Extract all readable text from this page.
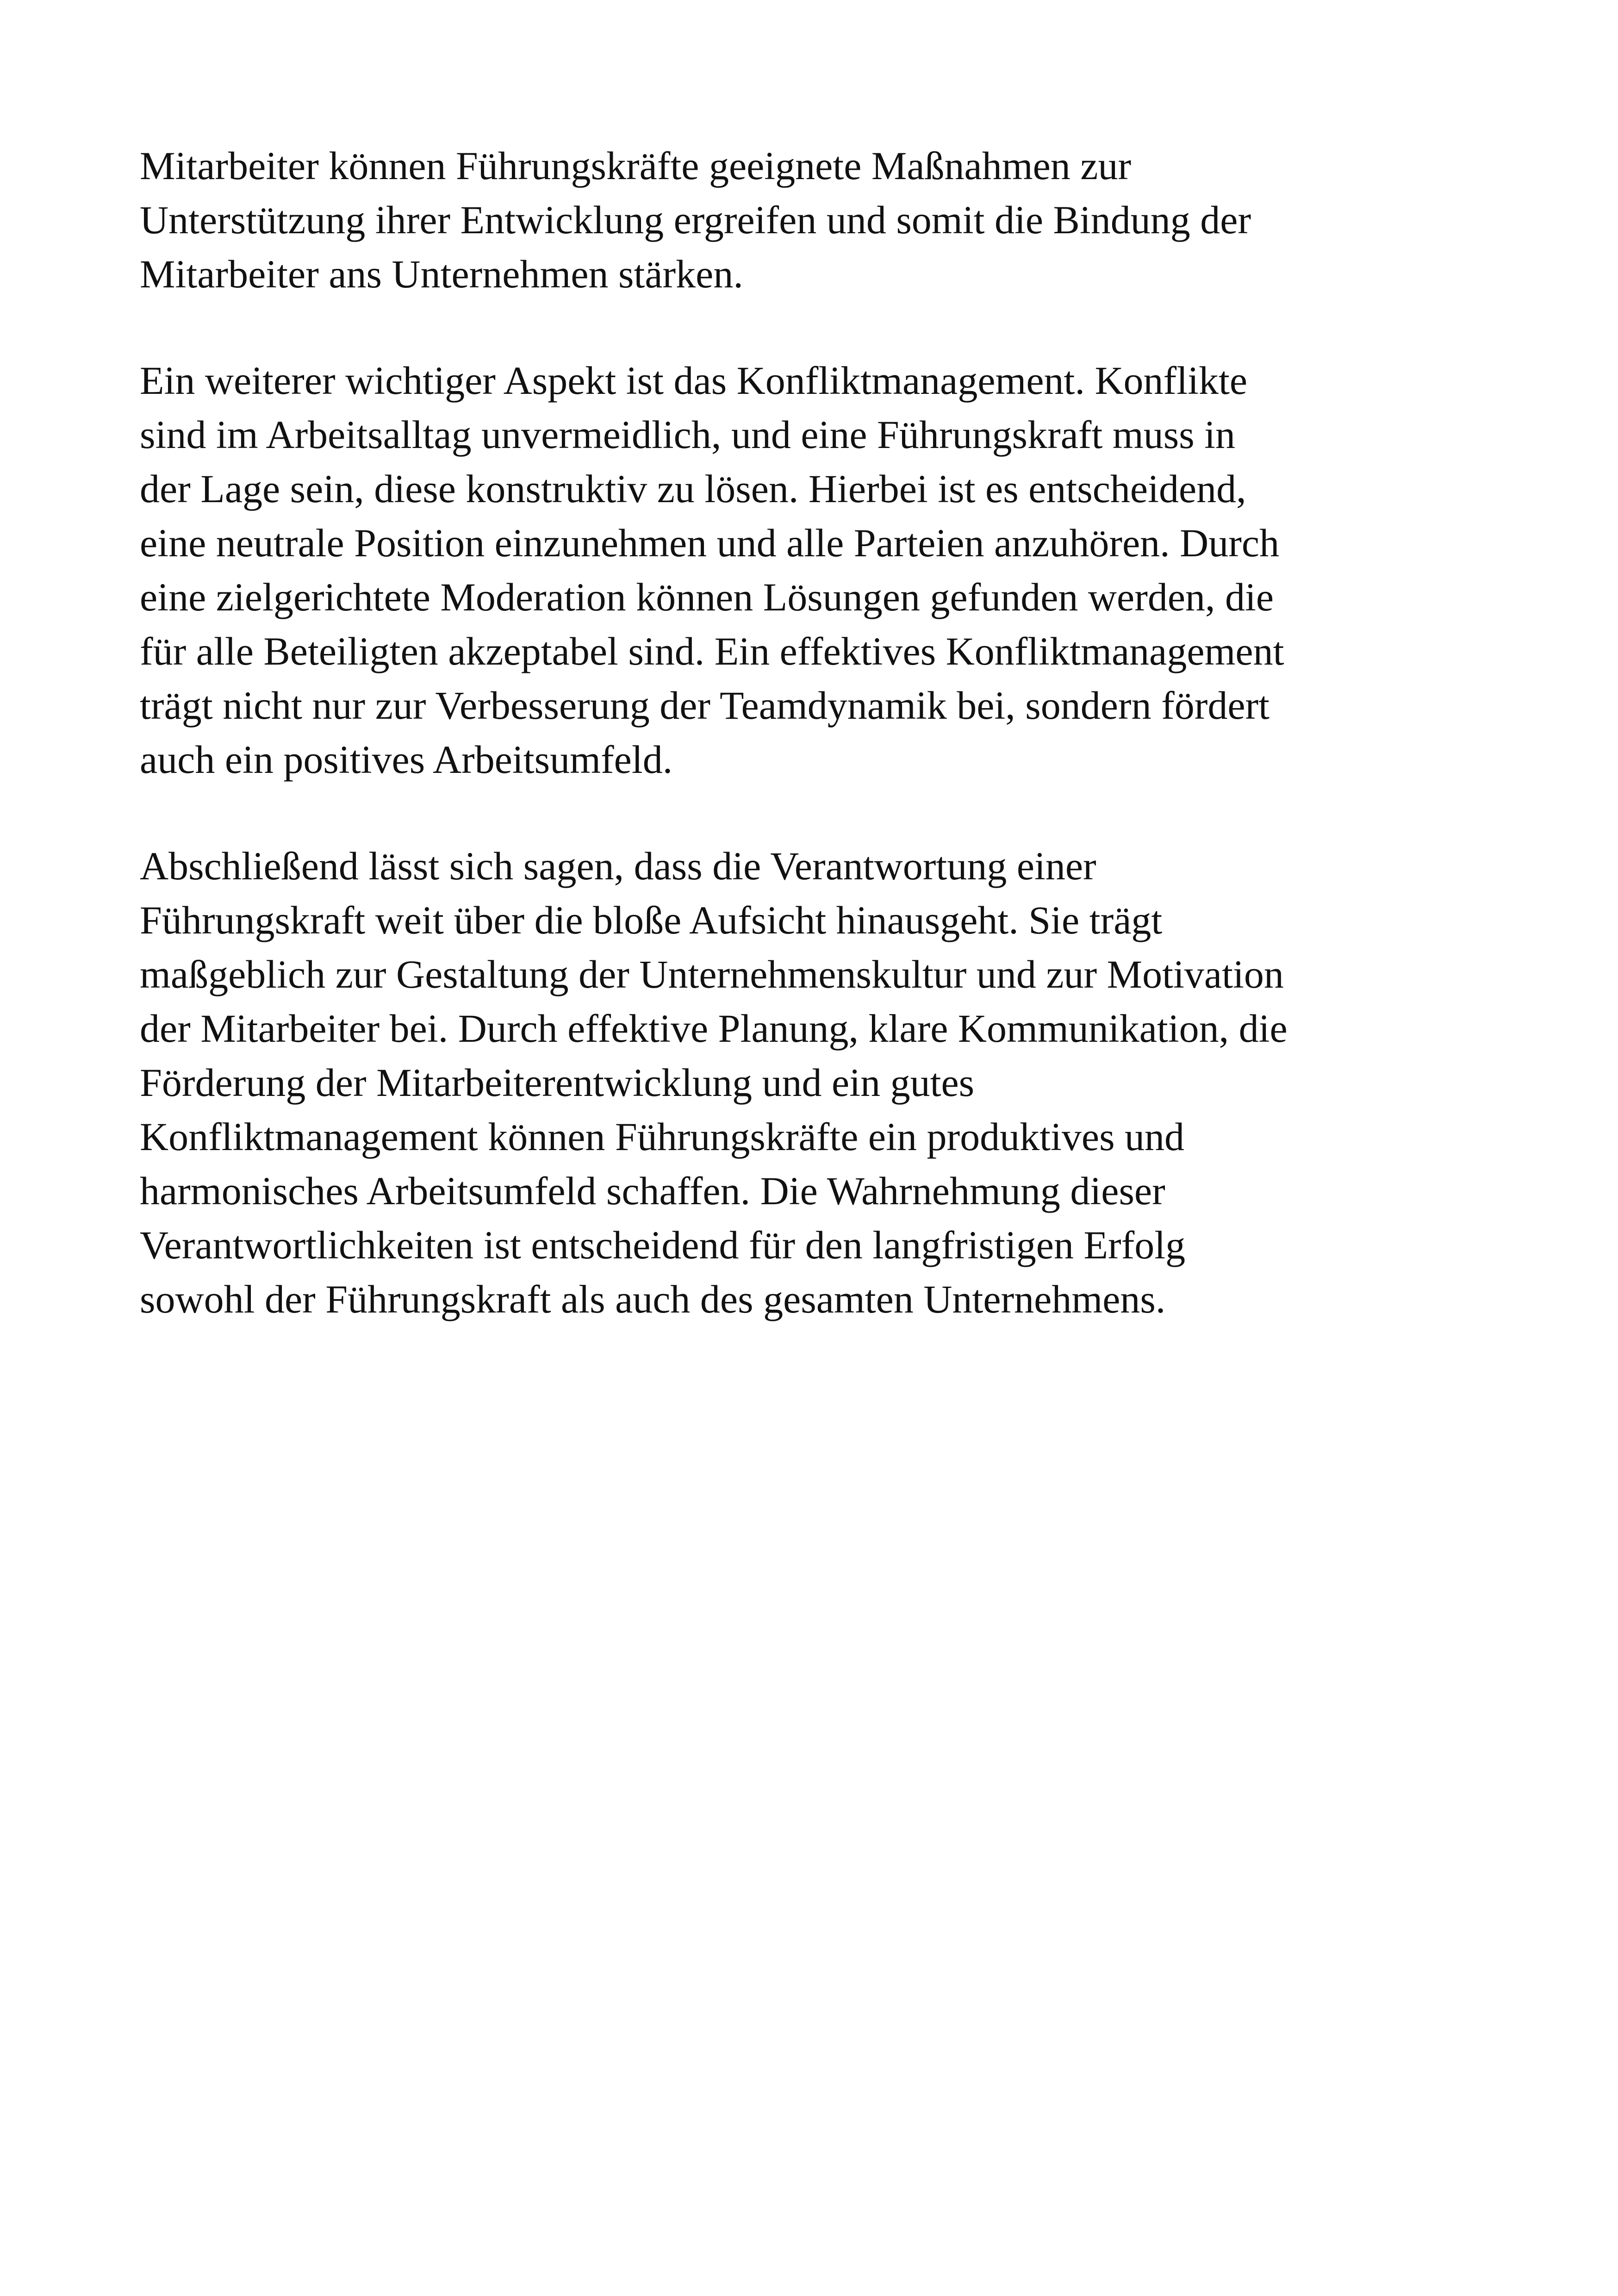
Mitarbeiter können Führungskräfte geeignete Maßnahmen zur
Unterstützung ihrer Entwicklung ergreifen und somit die Bindung der
Mitarbeiter ans Unternehmen stärken.

Ein weiterer wichtiger Aspekt ist das Konfliktmanagement. Konflikte
sind im Arbeitsalltag unvermeidlich, und eine Führungskraft muss in
der Lage sein, diese konstruktiv zu lösen. Hierbei ist es entscheidend,
eine neutrale Position einzunehmen und alle Parteien anzuhören. Durch
eine zielgerichtete Moderation können Lösungen gefunden werden, die
für alle Beteiligten akzeptabel sind. Ein effektives Konfliktmanagement
trägt nicht nur zur Verbesserung der Teamdynamik bei, sondern fördert
auch ein positives Arbeitsumfeld.

Abschließend lässt sich sagen, dass die Verantwortung einer
Führungskraft weit über die bloße Aufsicht hinausgeht. Sie trägt
maßgeblich zur Gestaltung der Unternehmenskultur und zur Motivation
der Mitarbeiter bei. Durch effektive Planung, klare Kommunikation, die
Förderung der Mitarbeiterentwicklung und ein gutes
Konfliktmanagement können Führungskräfte ein produktives und
harmonisches Arbeitsumfeld schaffen. Die Wahrnehmung dieser
Verantwortlichkeiten ist entscheidend für den langfristigen Erfolg
sowohl der Führungskraft als auch des gesamten Unternehmens.
